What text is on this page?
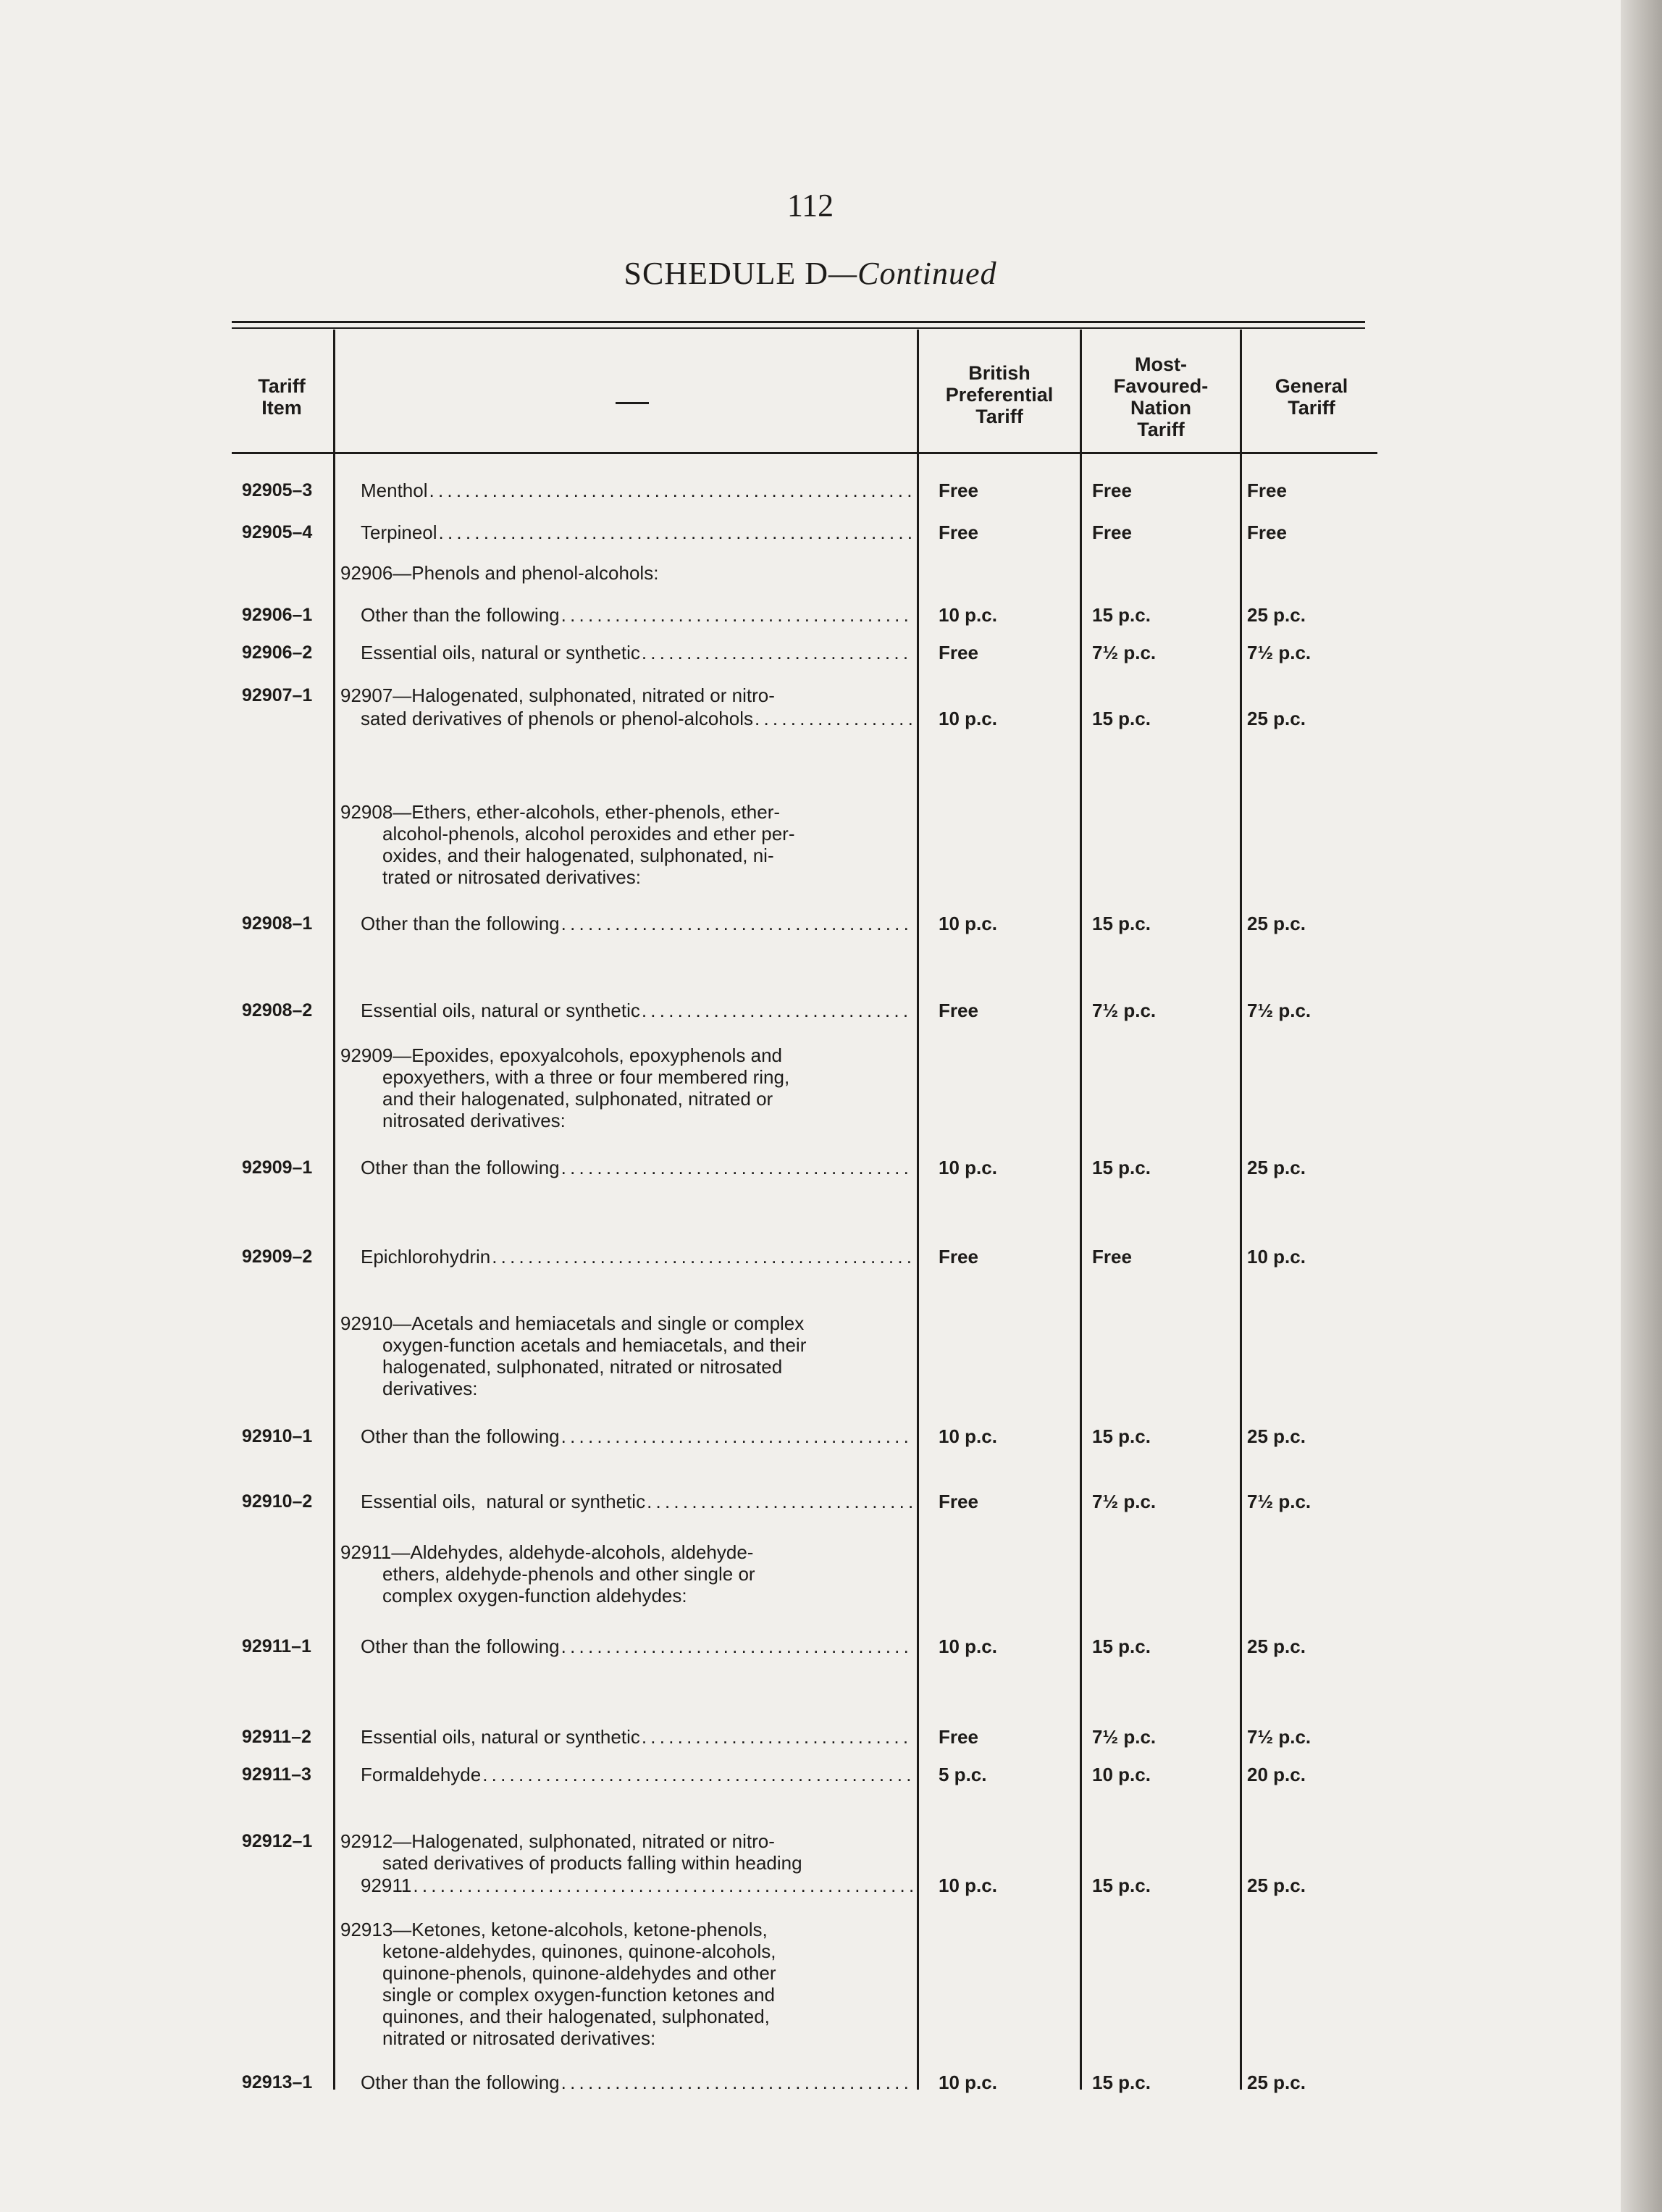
112
SCHEDULE D—Continued
Tariff
Item
British
Preferential
Tariff
Most-
Favoured-
Nation
Tariff
General
Tariff
92905–3	Menthol . . .	Free	Free	Free
92905–4	Terpineol . . .	Free	Free	Free
92906—Phenols and phenol-alcohols:
92906–1	Other than the following . . .	10 p.c.	15 p.c.	25 p.c.
92906–2	Essential oils, natural or synthetic . . .	Free	7½ p.c.	7½ p.c.
92907–1	92907—Halogenated, sulphonated, nitrated or nitro-
sated derivatives of phenols or phenol-alcohols . . .	10 p.c.	15 p.c.	25 p.c.
92908—Ethers, ether-alcohols, ether-phenols, ether-
alcohol-phenols, alcohol peroxides and ether per-
oxides, and their halogenated, sulphonated, ni-
trated or nitrosated derivatives:
92908–1	Other than the following . . .	10 p.c.	15 p.c.	25 p.c.
92908–2	Essential oils, natural or synthetic . . .	Free	7½ p.c.	7½ p.c.
92909—Epoxides, epoxyalcohols, epoxyphenols and
epoxyethers, with a three or four membered ring,
and their halogenated, sulphonated, nitrated or
nitrosated derivatives:
92909–1	Other than the following . . .	10 p.c.	15 p.c.	25 p.c.
92909–2	Epichlorohydrin . . .	Free	Free	10 p.c.
92910—Acetals and hemiacetals and single or complex
oxygen-function acetals and hemiacetals, and their
halogenated, sulphonated, nitrated or nitrosated
derivatives:
92910–1	Other than the following . . .	10 p.c.	15 p.c.	25 p.c.
92910–2	Essential oils,  natural or synthetic . . .	Free	7½ p.c.	7½ p.c.
92911—Aldehydes, aldehyde-alcohols, aldehyde-
ethers, aldehyde-phenols and other single or
complex oxygen-function aldehydes:
92911–1	Other than the following . . .	10 p.c.	15 p.c.	25 p.c.
92911–2	Essential oils, natural or synthetic . . .	Free	7½ p.c.	7½ p.c.
92911–3	Formaldehyde . . .	5 p.c.	10 p.c.	20 p.c.
92912–1	92912—Halogenated, sulphonated, nitrated or nitro-
sated derivatives of products falling within heading
92911 . . .	10 p.c.	15 p.c.	25 p.c.
92913—Ketones, ketone-alcohols, ketone-phenols,
ketone-aldehydes, quinones, quinone-alcohols,
quinone-phenols, quinone-aldehydes and other
single or complex oxygen-function ketones and
quinones, and their halogenated, sulphonated,
nitrated or nitrosated derivatives:
92913–1	Other than the following . . .	10 p.c.	15 p.c.	25 p.c.
